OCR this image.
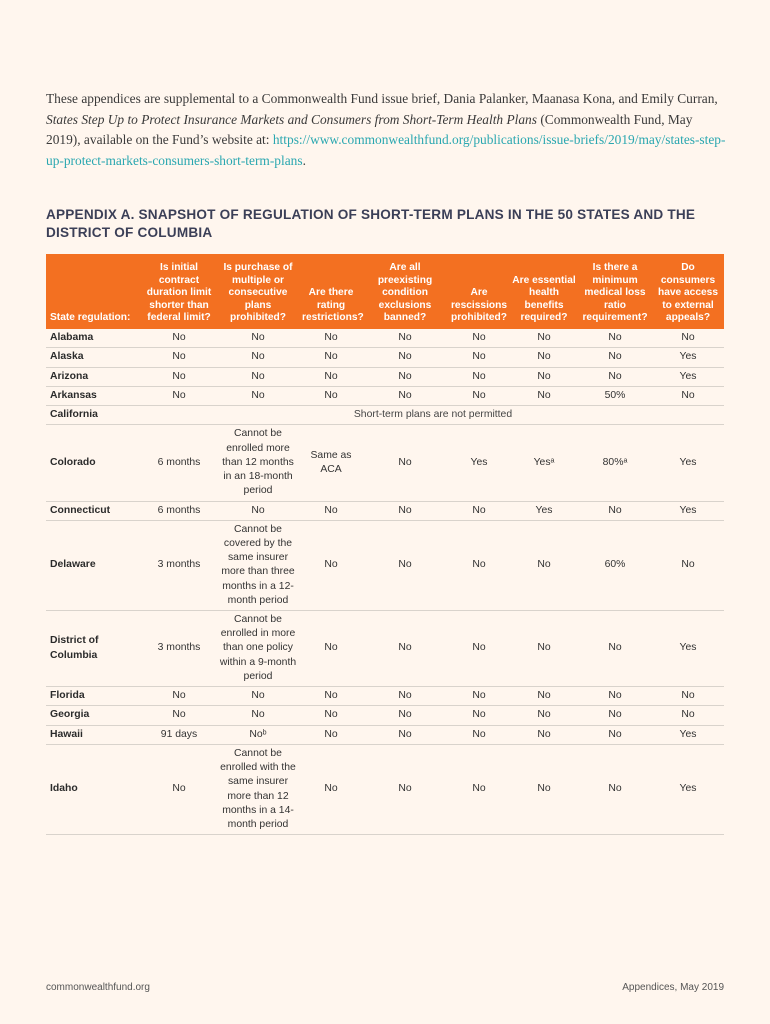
These appendices are supplemental to a Commonwealth Fund issue brief, Dania Palanker, Maanasa Kona, and Emily Curran, States Step Up to Protect Insurance Markets and Consumers from Short-Term Health Plans (Commonwealth Fund, May 2019), available on the Fund’s website at: https://www.commonwealthfund.org/publications/issue-briefs/2019/may/states-step-up-protect-markets-consumers-short-term-plans.
APPENDIX A. SNAPSHOT OF REGULATION OF SHORT-TERM PLANS IN THE 50 STATES AND THE DISTRICT OF COLUMBIA
State regulation:	Is initial contract duration limit shorter than federal limit?	Is purchase of multiple or consecutive plans prohibited?	Are there rating restrictions?	Are all preexisting condition exclusions banned?	Are rescissions prohibited?	Are essential health benefits required?	Is there a minimum medical loss ratio requirement?	Do consumers have access to external appeals?
Alabama	No	No	No	No	No	No	No	No
Alaska	No	No	No	No	No	No	No	Yes
Arizona	No	No	No	No	No	No	No	Yes
Arkansas	No	No	No	No	No	No	50%	No
California	Short-term plans are not permitted							
Colorado	6 months	Cannot be enrolled more than 12 months in an 18-month period	Same as ACA	No	Yes	Yesᵃ	80%ᵃ	Yes
Connecticut	6 months	No	No	No	No	Yes	No	Yes
Delaware	3 months	Cannot be covered by the same insurer more than three months in a 12-month period	No	No	No	No	60%	No
District of Columbia	3 months	Cannot be enrolled in more than one policy within a 9-month period	No	No	No	No	No	Yes
Florida	No	No	No	No	No	No	No	No
Georgia	No	No	No	No	No	No	No	No
Hawaii	91 days	Noᵇ	No	No	No	No	No	Yes
Idaho	No	Cannot be enrolled with the same insurer more than 12 months in a 14-month period	No	No	No	No	No	Yes
commonwealthfund.org	Appendices, May 2019
